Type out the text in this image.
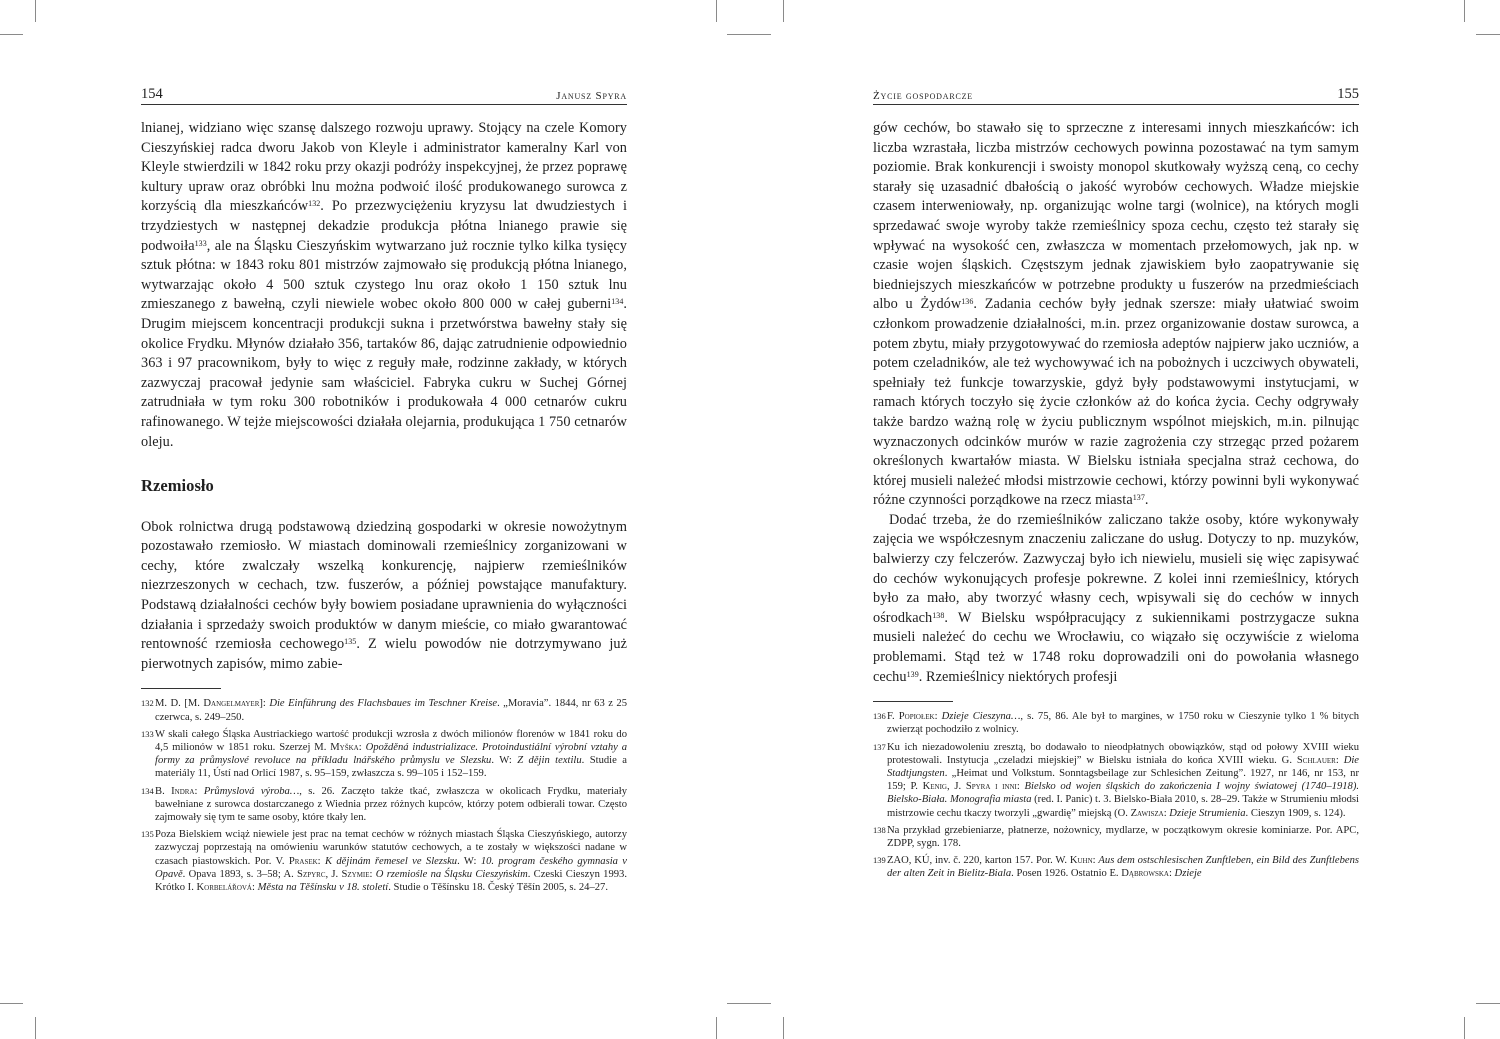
154	Janusz Spyra

lnianej, widziano więc szansę dalszego rozwoju uprawy. Stojący na czele Komory Cieszyńskiej radca dworu Jakob von Kleyle i administrator kameralny Karl von Kleyle stwierdzili w 1842 roku przy okazji podróży inspekcyjnej, że przez poprawę kultury upraw oraz obróbki lnu można podwoić ilość produkowanego surowca z korzyścią dla mieszkańców$^{132}$. Po przezwyciężeniu kryzysu lat dwudziestych i trzydziestych w następnej dekadzie produkcja płótna lnianego prawie się podwoiła$^{133}$, ale na Śląsku Cieszyńskim wytwarzano już rocznie tylko kilka tysięcy sztuk płótna: w 1843 roku 801 mistrzów zajmowało się produkcją płótna lnianego, wytwarzając około 4 500 sztuk czystego lnu oraz około 1 150 sztuk lnu zmieszanego z bawełną, czyli niewiele wobec około 800 000 w całej guberni$^{134}$. Drugim miejscem koncentracji produkcji sukna i przetwórstwa bawełny stały się okolice Frydku. Młynów działało 356, tartaków 86, dając zatrudnienie odpowiednio 363 i 97 pracownikom, były to więc z reguły małe, rodzinne zakłady, w których zazwyczaj pracował jedynie sam właściciel. Fabryka cukru w Suchej Górnej zatrudniała w tym roku 300 robotników i produkowała 4 000 cetnarów cukru rafinowanego. W tejże miejscowości działała olejarnia, produkująca 1 750 cetnarów oleju.

Rzemiosło

Obok rolnictwa drugą podstawową dziedziną gospodarki w okresie nowożytnym pozostawało rzemiosło. W miastach dominowali rzemieślnicy zorganizowani w cechy, które zwalczały wszelką konkurencję, najpierw rzemieślników niezrzeszonych w cechach, tzw. fuszerów, a później powstające manufaktury. Podstawą działalności cechów były bowiem posiadane uprawnienia do wyłączności działania i sprzedaży swoich produktów w danym mieście, co miało gwarantować rentowność rzemiosła cechowego$^{135}$. Z wielu powodów nie dotrzymywano już pierwotnych zapisów, mimo zabie-

132 M. D. [M. Dangelmayer]: Die Einführung des Flachsbaues im Teschner Kreise. „Moravia”. 1844, nr 63 z 25 czerwca, s. 249–250.
133 W skali całego Śląska Austriackiego wartość produkcji wzrosła z dwóch milionów florenów w 1841 roku do 4,5 milionów w 1851 roku. Szerzej M. Myška: Opožděná industrializace. Protoindustiální výrobní vztahy a formy za průmyslové revoluce na příkladu lnářského průmyslu ve Slezsku. W: Z dějin textilu. Studie a materiály 11, Ústí nad Orlicí 1987, s. 95–159, zwłaszcza s. 99–105 i 152–159.
134 B. Indra: Průmyslová výroba…, s. 26. Zaczęto także tkać, zwłaszcza w okolicach Frydku, materiały bawełniane z surowca dostarczanego z Wiednia przez różnych kupców, którzy potem odbierali towar. Często zajmowały się tym te same osoby, które tkały len.
135 Poza Bielskiem wciąż niewiele jest prac na temat cechów w różnych miastach Śląska Cieszyńskiego, autorzy zazwyczaj poprzestają na omówieniu warunków statutów cechowych, a te zostały w większości nadane w czasach piastowskich. Por. V. Prasek: K dějinám řemesel ve Slezsku. W: 10. program českého gymnasia v Opavě. Opava 1893, s. 3–58; A. Szpyrc, J. Szymie: O rzemiośle na Śląsku Cieszyńskim. Czeski Cieszyn 1993. Krótko I. Korbelářová: Města na Těšínsku v 18. století. Studie o Těšínsku 18. Český Těšín 2005, s. 24–27.
Życie gospodarcze	155

gów cechów, bo stawało się to sprzeczne z interesami innych mieszkańców: ich liczba wzrastała, liczba mistrzów cechowych powinna pozostawać na tym samym poziomie. Brak konkurencji i swoisty monopol skutkowały wyższą ceną, co cechy starały się uzasadnić dbałością o jakość wyrobów cechowych. Władze miejskie czasem interweniowały, np. organizując wolne targi (wolnice), na których mogli sprzedawać swoje wyroby także rzemieślnicy spoza cechu, często też starały się wpływać na wysokość cen, zwłaszcza w momentach przełomowych, jak np. w czasie wojen śląskich. Częstszym jednak zjawiskiem było zaopatrywanie się biedniejszych mieszkańców w potrzebne produkty u fuszerów na przedmieściach albo u Żydów$^{136}$. Zadania cechów były jednak szersze: miały ułatwiać swoim członkom prowadzenie działalności, m.in. przez organizowanie dostaw surowca, a potem zbytu, miały przygotowywać do rzemiosła adeptów najpierw jako uczniów, a potem czeladników, ale też wychowywać ich na pobożnych i uczciwych obywateli, spełniały też funkcje towarzyskie, gdyż były podstawowymi instytucjami, w ramach których toczyło się życie członków aż do końca życia. Cechy odgrywały także bardzo ważną rolę w życiu publicznym wspólnot miejskich, m.in. pilnując wyznaczonych odcinków murów w razie zagrożenia czy strzegąc przed pożarem określonych kwartałów miasta. W Bielsku istniała specjalna straż cechowa, do której musieli należeć młodsi mistrzowie cechowi, którzy powinni byli wykonywać różne czynności porządkowe na rzecz miasta$^{137}$.

Dodać trzeba, że do rzemieślników zaliczano także osoby, które wykonywały zajęcia we współczesnym znaczeniu zaliczane do usług. Dotyczy to np. muzyków, balwierzy czy felczerów. Zazwyczaj było ich niewielu, musieli się więc zapisywać do cechów wykonujących profesje pokrewne. Z kolei inni rzemieślnicy, których było za mało, aby tworzyć własny cech, wpisywali się do cechów w innych ośrodkach$^{138}$. W Bielsku współpracujący z sukiennikami postrzygacze sukna musieli należeć do cechu we Wrocławiu, co wiązało się oczywiście z wieloma problemami. Stąd też w 1748 roku doprowadzili oni do powołania własnego cechu$^{139}$. Rzemieślnicy niektórych profesji

136 F. Popiołek: Dzieje Cieszyna…, s. 75, 86. Ale był to margines, w 1750 roku w Cieszynie tylko 1 % bitych zwierząt pochodziło z wolnicy.
137 Ku ich niezadowoleniu zresztą, bo dodawało to nieodpłatnych obowiązków, stąd od połowy XVIII wieku protestowali. Instytucja „czeladzi miejskiej” w Bielsku istniała do końca XVIII wieku. G. Schlauer: Die Stadtjungsten. „Heimat und Volkstum. Sonntagsbeilage zur Schlesichen Zeitung”. 1927, nr 146, nr 153, nr 159; P. Kenig, J. Spyra i inni: Bielsko od wojen śląskich do zakończenia I wojny światowej (1740–1918). Bielsko-Biała. Monografia miasta (red. I. Panic) t. 3. Bielsko-Biała 2010, s. 28–29. Także w Strumieniu młodsi mistrzowie cechu tkaczy tworzyli „gwardię” miejską (O. Zawisza: Dzieje Strumienia. Cieszyn 1909, s. 124).
138 Na przykład grzebieniarze, płatnerze, nożownicy, mydlarze, w początkowym okresie kominiarze. Por. APC, ZDPP, sygn. 178.
139 ZAO, KÚ, inv. č. 220, karton 157. Por. W. Kuhn: Aus dem ostschlesischen Zunftleben, ein Bild des Zunftlebens der alten Zeit in Bielitz-Biala. Posen 1926. Ostatnio E. Dąbrowska: Dzieje
